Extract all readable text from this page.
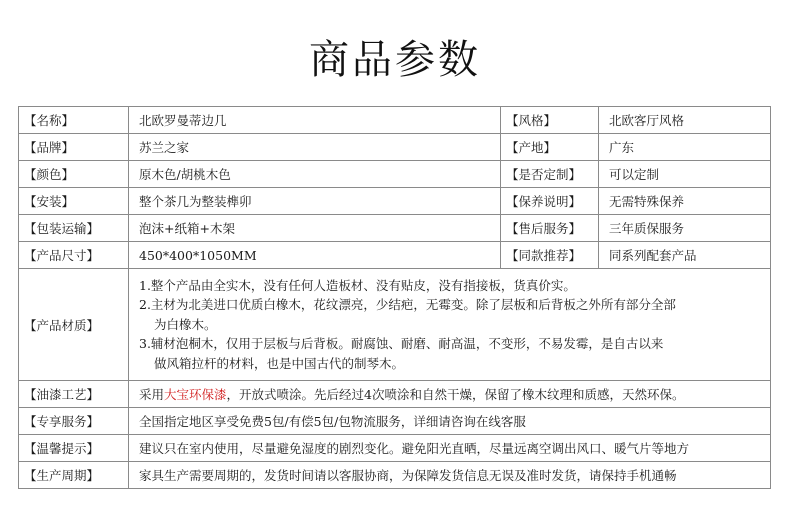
商品参数
【名称】	北欧罗曼蒂边几	【风格】	北欧客厅风格
【品牌】	苏兰之家	【产地】	广东
【颜色】	原木色/胡桃木色	【是否定制】	可以定制
【安装】	整个茶几为整装榫卯	【保养说明】	无需特殊保养
【包装运输】	泡沫+纸箱+木架	【售后服务】	三年质保服务
【产品尺寸】	450*400*1050MM	【同款推荐】	同系列配套产品
【产品材质】	1.整个产品由全实木，没有任何人造板材、没有贴皮，没有指接板，货真价实。
2.主材为北美进口优质白橡木，花纹漂亮，少结疤，无霉变。除了层板和后背板之外所有部分全部
为白橡木。
3.辅材泡桐木，仅用于层板与后背板。耐腐蚀、耐磨、耐高温，不变形，不易发霉，是自古以来
做风箱拉杆的材料，也是中国古代的制琴木。		

【油漆工艺】	采用大宝环保漆，开放式喷涂。先后经过4次喷涂和自然干燥，保留了橡木纹理和质感，天然环保。		
【专享服务】	全国指定地区享受免费5包/有偿5包/包物流服务，详细请咨询在线客服		
【温馨提示】	建议只在室内使用，尽量避免湿度的剧烈变化。避免阳光直晒，尽量远离空调出风口、暖气片等地方		
【生产周期】	家具生产需要周期的，发货时间请以客服协商，为保障发货信息无误及准时发货，请保持手机通畅		
